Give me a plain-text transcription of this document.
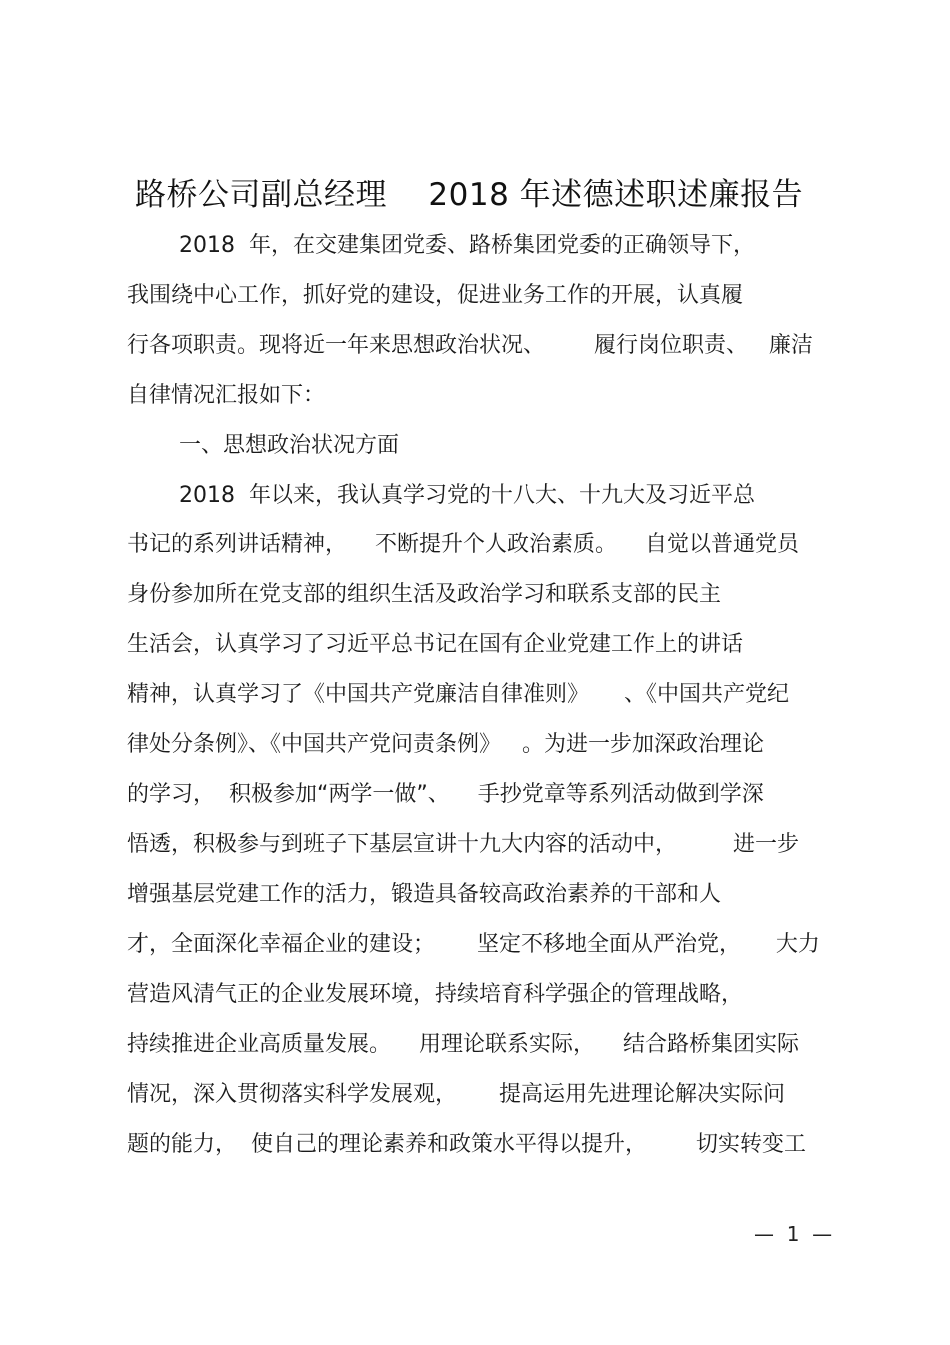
路桥公司副总经理    2018 年述德述职述廉报告
2018  年，在交建集团党委、路桥集团党委的正确领导下，
我围绕中心工作，抓好党的建设，促进业务工作的开展，认真履
行各项职责。现将近一年来思想政治状况、       履行岗位职责、   廉洁
自律情况汇报如下：
一、思想政治状况方面
2018  年以来，我认真学习党的十八大、十九大及习近平总
书记的系列讲话精神，    不断提升个人政治素质。    自觉以普通党员
身份参加所在党支部的组织生活及政治学习和联系支部的民主
生活会，认真学习了习近平总书记在国有企业党建工作上的讲话
精神，认真学习了《中国共产党廉洁自律准则》     、《中国共产党纪
律处分条例》、《中国共产党问责条例》   。为进一步加深政治理论
的学习，  积极参加“两学一做”、    手抄党章等系列活动做到学深
悟透，积极参与到班子下基层宣讲十九大内容的活动中，        进一步
增强基层党建工作的活力，锻造具备较高政治素养的干部和人
才，全面深化幸福企业的建设；      坚定不移地全面从严治党，     大力
营造风清气正的企业发展环境，持续培育科学强企的管理战略，
持续推进企业高质量发展。    用理论联系实际，    结合路桥集团实际
情况，深入贯彻落实科学发展观，      提高运用先进理论解决实际问
题的能力，  使自己的理论素养和政策水平得以提升，       切实转变工
—  1  —
